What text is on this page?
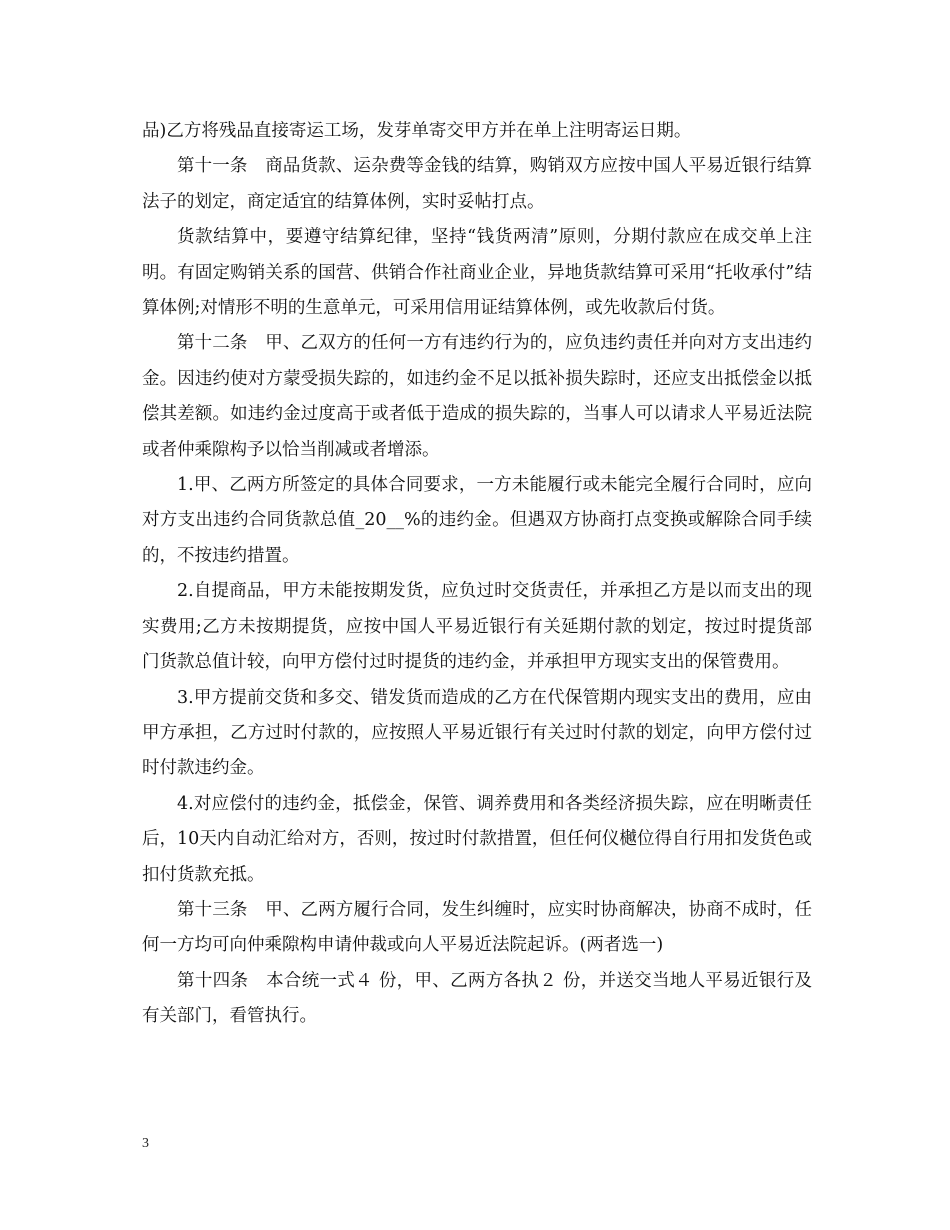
品)乙方将残品直接寄运工场，发芽单寄交甲方并在单上注明寄运日期。

第十一条　商品货款、运杂费等金钱的结算，购销双方应按中国人平易近银行结算法子的划定，商定适宜的结算体例，实时妥帖打点。

货款结算中，要遵守结算纪律，坚持“钱货两清”原则，分期付款应在成交单上注明。有固定购销关系的国营、供销合作社商业企业，异地货款结算可采用“托收承付”结算体例;对情形不明的生意单元，可采用信用证结算体例，或先收款后付货。

第十二条　甲、乙双方的任何一方有违约行为的，应负违约责任并向对方支出违约金。因违约使对方蒙受损失踪的，如违约金不足以抵补损失踪时，还应支出抵偿金以抵偿其差额。如违约金过度高于或者低于造成的损失踪的，当事人可以请求人平易近法院或者仲乘隙构予以恰当削减或者增添。

1.甲、乙两方所签定的具体合同要求，一方未能履行或未能完全履行合同时，应向对方支出违约合同货款总值_20__%的违约金。但遇双方协商打点变换或解除合同手续的，不按违约措置。

2.自提商品，甲方未能按期发货，应负过时交货责任，并承担乙方是以而支出的现实费用;乙方未按期提货，应按中国人平易近银行有关延期付款的划定，按过时提货部门货款总值计较，向甲方偿付过时提货的违约金，并承担甲方现实支出的保管费用。

3.甲方提前交货和多交、错发货而造成的乙方在代保管期内现实支出的费用，应由甲方承担，乙方过时付款的，应按照人平易近银行有关过时付款的划定，向甲方偿付过时付款违约金。

4.对应偿付的违约金，抵偿金，保管、调养费用和各类经济损失踪，应在明晰责任后，10天内自动汇给对方，否则，按过时付款措置，但任何仪樾位得自行用扣发货色或扣付货款充抵。

第十三条　甲、乙两方履行合同，发生纠缠时，应实时协商解决，协商不成时，任何一方均可向仲乘隙构申请仲裁或向人平易近法院起诉。(两者选一)

第十四条　本合统一式４ 份，甲、乙两方各执２ 份，并送交当地人平易近银行及有关部门，看管执行。

3
